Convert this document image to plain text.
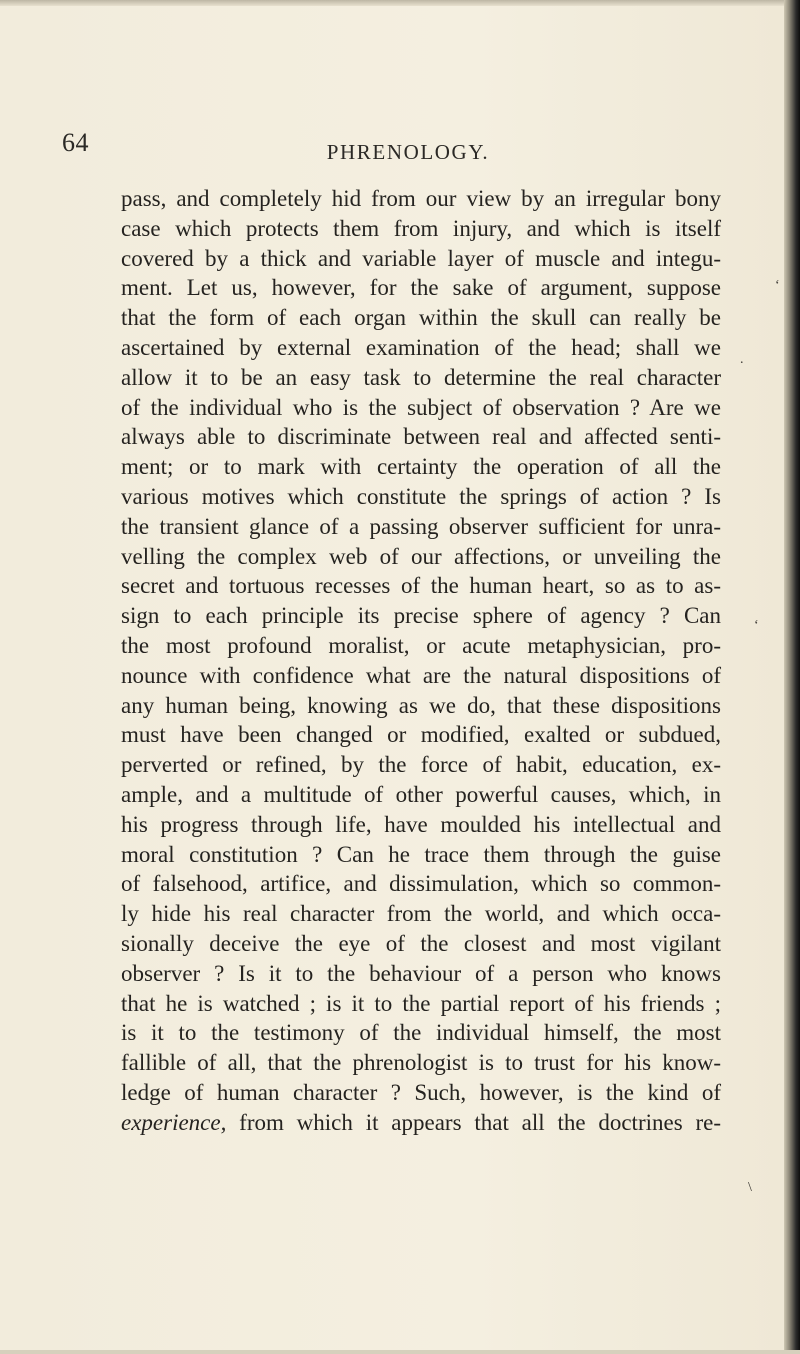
64	PHRENOLOGY.
pass, and completely hid from our view by an irregular bony
case which protects them from injury, and which is itself
covered by a thick and variable layer of muscle and integu-
ment. Let us, however, for the sake of argument, suppose
that the form of each organ within the skull can really be
ascertained by external examination of the head; shall we
allow it to be an easy task to determine the real character
of the individual who is the subject of observation ? Are we
always able to discriminate between real and affected senti-
ment; or to mark with certainty the operation of all the
various motives which constitute the springs of action ? Is
the transient glance of a passing observer sufficient for unra-
velling the complex web of our affections, or unveiling the
secret and tortuous recesses of the human heart, so as to as-
sign to each principle its precise sphere of agency ? Can
the most profound moralist, or acute metaphysician, pro-
nounce with confidence what are the natural dispositions of
any human being, knowing as we do, that these dispositions
must have been changed or modified, exalted or subdued,
perverted or refined, by the force of habit, education, ex-
ample, and a multitude of other powerful causes, which, in
his progress through life, have moulded his intellectual and
moral constitution ? Can he trace them through the guise
of falsehood, artifice, and dissimulation, which so common-
ly hide his real character from the world, and which occa-
sionally deceive the eye of the closest and most vigilant
observer ? Is it to the behaviour of a person who knows
that he is watched ; is it to the partial report of his friends ;
is it to the testimony of the individual himself, the most
fallible of all, that the phrenologist is to trust for his know-
ledge of human character ? Such, however, is the kind of
experience, from which it appears that all the doctrines re-
‘
.
‘
\
